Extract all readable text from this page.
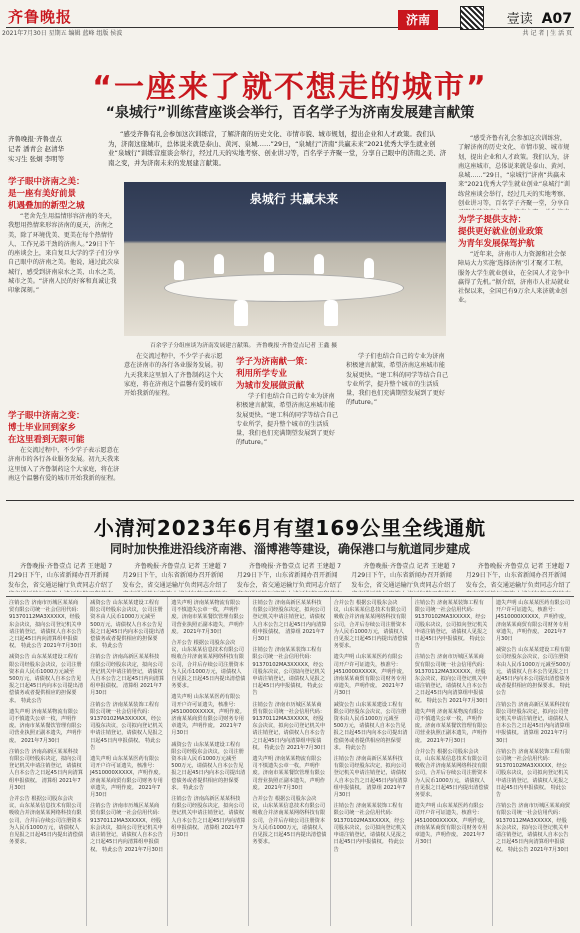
齐鲁晚报
2021年7月30日 星期五 编辑 蓝峰 组版 侯波
济南	壹读 A07
共 记 者 | 生 活 页
“一座来了就不想走的城市”
“泉城行”训练营座谈会举行，百名学子为济南发展建言献策
齐鲁晚报·齐鲁壹点
记者 潘青会 赵清华
实习生 张炯 李明等
“感受齐鲁有礼会参加这次训练营，了解济南的历史文化、市情市貌、城市规划，提出企业和人才政策。我们认为，济南这座城市，总体说来就是泰山、黄河、泉城……”29日，“泉城行”济南“共赢未来”2021优秀大学生就业创业“泉城行”训练营座谈会举行，经过几天的实地考察、创业讲习等，百名学子齐聚一堂，分享自己眼中的济南之美、济南之变，并为济南未来的发展建言献策。
学子眼中济南之美：
是一座有美好前景
机遇叠加的新型之城
“老舍先生用温情形容济南的冬天，我想用热情来形容济南的夏天，济南之美，除了环境优美、更美在每个热情待人、工作兄弟干劲的济南人。”29日下午的座谈会上，来自复旦大学的学子们分享自己眼中的济南之美。他说，通过此次泉城行，感受到济南泉水之美、山水之美，城市之美。“济南人民的好客和真诚让我印象深刻。”
学子眼中济南之变：
博士毕业回到家乡
在这里看到无限可能
在交流过程中，不少学子表示愿意在济南市的各行各业服务发展。初九天我来这里加入了齐鲁制药这个大家庭，将在济南这个温馨有爱的城市开始我新的征程。
泉城行 共赢未来
百余学子分组座谈为济南发展建言献策。 齐鲁晚报·齐鲁壹点记者 王鑫 摄
在交流过程中，不少学子表示愿意在济南市的各行各业服务发展。初九天我来这里加入了齐鲁制药这个大家庭，将在济南这个温馨有爱的城市开始我新的征程。
学子为济南献一策：
利用所学专业
为城市发展做贡献
学子们也结合自己的专业为济南积极建言献策，希望济南这座城市能发展更快。“建工科的同学等结合自己专业所学，提升整个城市的生活质量，我们也们充满期望发展到了更好的future。”
学子们也结合自己的专业为济南积极建言献策，希望济南这座城市能发展更快。“建工科的同学等结合自己专业所学，提升整个城市的生活质量，我们也们充满期望发展到了更好的future。”
“感受齐鲁有礼会参加这次训练营，了解济南的历史文化、市情市貌、城市规划，提出企业和人才政策。我们认为，济南这座城市，总体说来就是泰山、黄河、泉城……”29日，“泉城行”济南“共赢未来”2021优秀大学生就业创业“泉城行”训练营座谈会举行，经过几天的实地考察、创业讲习等，百名学子齐聚一堂，分享自
为学子提供支持：
提供更好就业创业政策
为青年发展保驾护航
“近年来，济南市人力资源和社会保障局大力实施‘选择济南’引才聚才工程，服务大学生就业创业，在全国人才竞争中赢得了先机。”据介绍，济南市人社局就业社保以来，全国已有9万余人来济就业创业。
小清河2023年6月有望169公里全线通航
同时加快推进沿线济南港、淄博港等建设，确保港口与航道同步建成
齐鲁晚报·齐鲁壹点 记者 王建超 7月29日下午，山东省新闻办召开新闻发布会，省交通运输厅负责同志介绍了
齐鲁晚报·齐鲁壹点 记者 王建超 7月29日下午，山东省新闻办召开新闻发布会，省交通运输厅负责同志介绍了
齐鲁晚报·齐鲁壹点 记者 王建超 7月29日下午，山东省新闻办召开新闻发布会，省交通运输厅负责同志介绍了
齐鲁晚报·齐鲁壹点 记者 王建超 7月29日下午，山东省新闻办召开新闻发布会，省交通运输厅负责同志介绍了
齐鲁晚报·齐鲁壹点 记者 王建超 7月29日下午，山东省新闻办召开新闻发布会，省交通运输厅负责同志介绍了
注销公告 济南市历城区某某商贸有限公司统一社会信用代码：91370112MA3XXXXX，经股东会决议，拟向公司登记机关申请注销登记，请债权人自本公告之日起45日内向清算组申报债权。 特此公告 2021年7月30日
减资公告 山东某某建设工程有限公司经股东会决议，公司注册资本由人民币1000万元减至500万元，请债权人自本公告见报之日起45日内向本公司提出清偿债务或者提供相应的担保要求。 特此公告
遗失声明 济南某某物流有限公司不慎遗失公章一枚，声明作废。济南市某某餐饮管理有限公司营业执照正副本遗失，声明作废。 2021年7月30日
注销公告 济南高新区某某科技有限公司经股东决定，拟向公司登记机关申请注销登记，请债权人自本公告之日起45日内向清算组申报债权。 清算组 2021年7月30日
合并公告 根据公司股东会决议，山东某某信息技术有限公司吸收合并济南某某网络科技有限公司，合并后存续公司注册资本为人民币1000万元，请债权人自见报之日起45日内提出清偿债务要求。
减资公告 山东某某建设工程有限公司经股东会决议，公司注册资本由人民币1000万元减至500万元，请债权人自本公告见报之日起45日内向本公司提出清偿债务或者提供相应的担保要求。 特此公告
注销公告 济南高新区某某科技有限公司经股东决定，拟向公司登记机关申请注销登记，请债权人自本公告之日起45日内向清算组申报债权。 清算组 2021年7月30日
注销公告 济南某某装饰工程有限公司统一社会信用代码：91370102MA3XXXXX，经公司股东决议，公司拟向登记机关申请注销登记，请债权人见报之日起45日内申报债权。 特此公告
遗失声明 山东某某医药有限公司开户许可证遗失，核准号：J4510000XXXXX，声明作废。济南某某商贸有限公司财务专用章遗失，声明作废。 2021年7月30日
注销公告 济南市历城区某某商贸有限公司统一社会信用代码：91370112MA3XXXXX，经股东会决议，拟向公司登记机关申请注销登记，请债权人自本公告之日起45日内向清算组申报债权。 特此公告 2021年7月30日
遗失声明 济南某某物流有限公司不慎遗失公章一枚，声明作废。济南市某某餐饮管理有限公司营业执照正副本遗失，声明作废。 2021年7月30日
合并公告 根据公司股东会决议，山东某某信息技术有限公司吸收合并济南某某网络科技有限公司，合并后存续公司注册资本为人民币1000万元，请债权人自见报之日起45日内提出清偿债务要求。
遗失声明 山东某某医药有限公司开户许可证遗失，核准号：J4510000XXXXX，声明作废。济南某某商贸有限公司财务专用章遗失，声明作废。 2021年7月30日
减资公告 山东某某建设工程有限公司经股东会决议，公司注册资本由人民币1000万元减至500万元，请债权人自本公告见报之日起45日内向本公司提出清偿债务或者提供相应的担保要求。 特此公告
注销公告 济南高新区某某科技有限公司经股东决定，拟向公司登记机关申请注销登记，请债权人自本公告之日起45日内向清算组申报债权。 清算组 2021年7月30日
注销公告 济南高新区某某科技有限公司经股东决定，拟向公司登记机关申请注销登记，请债权人自本公告之日起45日内向清算组申报债权。 清算组 2021年7月30日
注销公告 济南某某装饰工程有限公司统一社会信用代码：91370102MA3XXXXX，经公司股东决议，公司拟向登记机关申请注销登记，请债权人见报之日起45日内申报债权。 特此公告
注销公告 济南市历城区某某商贸有限公司统一社会信用代码：91370112MA3XXXXX，经股东会决议，拟向公司登记机关申请注销登记，请债权人自本公告之日起45日内向清算组申报债权。 特此公告 2021年7月30日
遗失声明 济南某某物流有限公司不慎遗失公章一枚，声明作废。济南市某某餐饮管理有限公司营业执照正副本遗失，声明作废。 2021年7月30日
合并公告 根据公司股东会决议，山东某某信息技术有限公司吸收合并济南某某网络科技有限公司，合并后存续公司注册资本为人民币1000万元，请债权人自见报之日起45日内提出清偿债务要求。
合并公告 根据公司股东会决议，山东某某信息技术有限公司吸收合并济南某某网络科技有限公司，合并后存续公司注册资本为人民币1000万元，请债权人自见报之日起45日内提出清偿债务要求。
遗失声明 山东某某医药有限公司开户许可证遗失，核准号：J4510000XXXXX，声明作废。济南某某商贸有限公司财务专用章遗失，声明作废。 2021年7月30日
减资公告 山东某某建设工程有限公司经股东会决议，公司注册资本由人民币1000万元减至500万元，请债权人自本公告见报之日起45日内向本公司提出清偿债务或者提供相应的担保要求。 特此公告
注销公告 济南高新区某某科技有限公司经股东决定，拟向公司登记机关申请注销登记，请债权人自本公告之日起45日内向清算组申报债权。 清算组 2021年7月30日
注销公告 济南某某装饰工程有限公司统一社会信用代码：91370102MA3XXXXX，经公司股东决议，公司拟向登记机关申请注销登记，请债权人见报之日起45日内申报债权。 特此公告
注销公告 济南某某装饰工程有限公司统一社会信用代码：91370102MA3XXXXX，经公司股东决议，公司拟向登记机关申请注销登记，请债权人见报之日起45日内申报债权。 特此公告
注销公告 济南市历城区某某商贸有限公司统一社会信用代码：91370112MA3XXXXX，经股东会决议，拟向公司登记机关申请注销登记，请债权人自本公告之日起45日内向清算组申报债权。 特此公告 2021年7月30日
遗失声明 济南某某物流有限公司不慎遗失公章一枚，声明作废。济南市某某餐饮管理有限公司营业执照正副本遗失，声明作废。 2021年7月30日
合并公告 根据公司股东会决议，山东某某信息技术有限公司吸收合并济南某某网络科技有限公司，合并后存续公司注册资本为人民币1000万元，请债权人自见报之日起45日内提出清偿债务要求。
遗失声明 山东某某医药有限公司开户许可证遗失，核准号：J4510000XXXXX，声明作废。济南某某商贸有限公司财务专用章遗失，声明作废。 2021年7月30日
遗失声明 山东某某医药有限公司开户许可证遗失，核准号：J4510000XXXXX，声明作废。济南某某商贸有限公司财务专用章遗失，声明作废。 2021年7月30日
减资公告 山东某某建设工程有限公司经股东会决议，公司注册资本由人民币1000万元减至500万元，请债权人自本公告见报之日起45日内向本公司提出清偿债务或者提供相应的担保要求。 特此公告
注销公告 济南高新区某某科技有限公司经股东决定，拟向公司登记机关申请注销登记，请债权人自本公告之日起45日内向清算组申报债权。 清算组 2021年7月30日
注销公告 济南某某装饰工程有限公司统一社会信用代码：91370102MA3XXXXX，经公司股东决议，公司拟向登记机关申请注销登记，请债权人见报之日起45日内申报债权。 特此公告
注销公告 济南市历城区某某商贸有限公司统一社会信用代码：91370112MA3XXXXX，经股东会决议，拟向公司登记机关申请注销登记，请债权人自本公告之日起45日内向清算组申报债权。 特此公告 2021年7月30日
